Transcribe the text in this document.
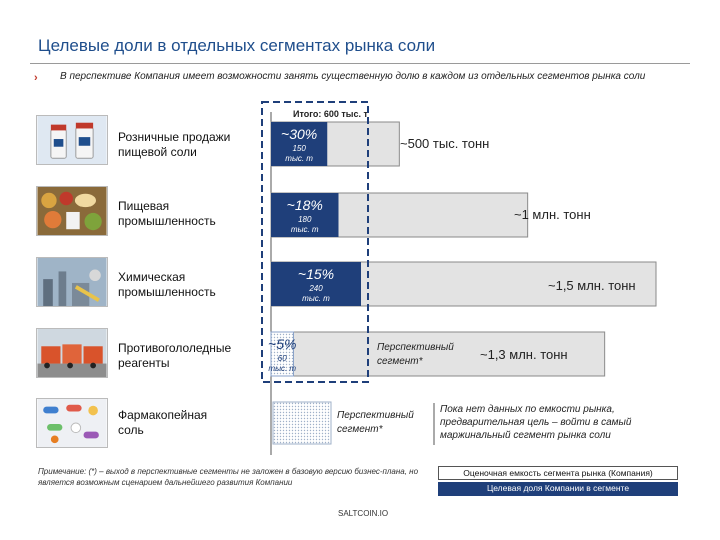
Целевые доли в отдельных сегментах рынка соли
› В перспективе Компания имеет возможности занять существенную долю в каждом из отдельных сегментов рынка соли
Итого: 600 тыс. т
Розничные продажи
пищевой соли
Пищевая
промышленность
Химическая
промышленность
Противогололедные
реагенты
Фармакопейная
соль
~30%
150
тыс. т
~18%
180
тыс. т
~15%
240
тыс. т
~5%
60
тыс. т
~500 тыс. тонн
~1 млн. тонн
~1,5 млн. тонн
~1,3 млн. тонн
Перспективный
сегмент*
Перспективный
сегмент*
Пока нет данных по емкости рынка,
предварительная цель – войти в самый
маржинальный сегмент рынка соли
Примечание: (*) – выход в перспективные сегменты не заложен в базовую версию бизнес-плана, но является возможным сценарием дальнейшего развития Компании
SALTCOIN.IO
Оценочная емкость сегмента рынка (Компания)
Целевая доля Компании в сегменте
